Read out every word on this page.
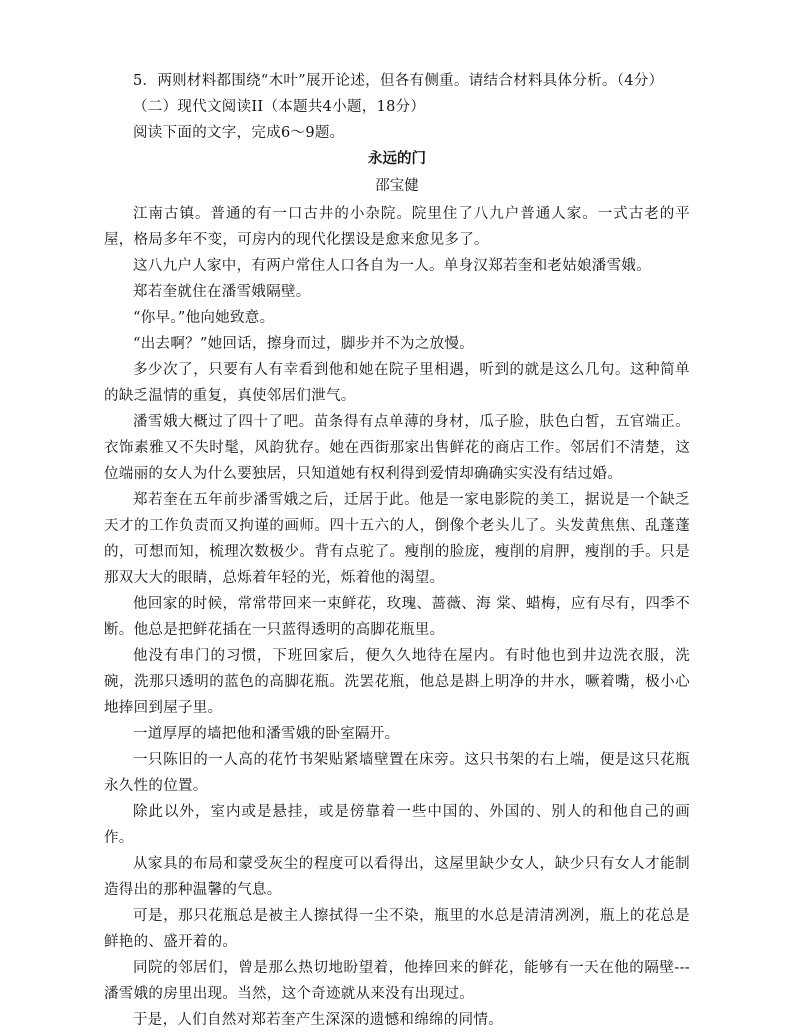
5．两则材料都围绕“木叶”展开论述，但各有侧重。请结合材料具体分析。（4分）

（二）现代文阅读II（本题共4小题，18分）

阅读下面的文字，完成6～9题。

永远的门

邵宝健

江南古镇。普通的有一口古井的小杂院。院里住了八九户普通人家。一式古老的平屋，格局多年不变，可房内的现代化摆设是愈来愈见多了。

这八九户人家中，有两户常住人口各自为一人。单身汉郑若奎和老姑娘潘雪娥。

郑若奎就住在潘雪娥隔壁。

“你早。”他向她致意。

“出去啊？”她回话，擦身而过，脚步并不为之放慢。

多少次了，只要有人有幸看到他和她在院子里相遇，听到的就是这么几句。这种简单的缺乏温情的重复，真使邻居们泄气。

潘雪娥大概过了四十了吧。苗条得有点单薄的身材，瓜子脸，肤色白皙，五官端正。衣饰素雅又不失时髦，风韵犹存。她在西街那家出售鲜花的商店工作。邻居们不清楚，这位端丽的女人为什么要独居，只知道她有权利得到爱情却确确实实没有结过婚。

郑若奎在五年前步潘雪娥之后，迁居于此。他是一家电影院的美工，据说是一个缺乏天才的工作负责而又拘谨的画师。四十五六的人，倒像个老头儿了。头发黄焦焦、乱蓬蓬的，可想而知，梳理次数极少。背有点驼了。瘦削的脸庞，瘦削的肩胛，瘦削的手。只是那双大大的眼睛，总烁着年轻的光，烁着他的渴望。

他回家的时候，常常带回来一束鲜花，玫瑰、蔷薇、海 棠、蜡梅，应有尽有，四季不断。他总是把鲜花插在一只蓝得透明的高脚花瓶里。

他没有串门的习惯，下班回家后，便久久地待在屋内。有时他也到井边洗衣服，洗碗，洗那只透明的蓝色的高脚花瓶。洗罢花瓶，他总是斟上明净的井水，噘着嘴，极小心地捧回到屋子里。

一道厚厚的墙把他和潘雪娥的卧室隔开。

一只陈旧的一人高的花竹书架贴紧墙壁置在床旁。这只书架的右上端，便是这只花瓶永久性的位置。

除此以外，室内或是悬挂，或是傍靠着一些中国的、外国的、别人的和他自己的画作。

从家具的布局和蒙受灰尘的程度可以看得出，这屋里缺少女人，缺少只有女人才能制造得出的那种温馨的气息。

可是，那只花瓶总是被主人擦拭得一尘不染，瓶里的水总是清清冽冽，瓶上的花总是鲜艳的、盛开着的。

同院的邻居们，曾是那么热切地盼望着，他捧回来的鲜花，能够有一天在他的隔壁---潘雪娥的房里出现。当然，这个奇迹就从来没有出现过。

于是，人们自然对郑若奎产生深深的遗憾和绵绵的同情。
